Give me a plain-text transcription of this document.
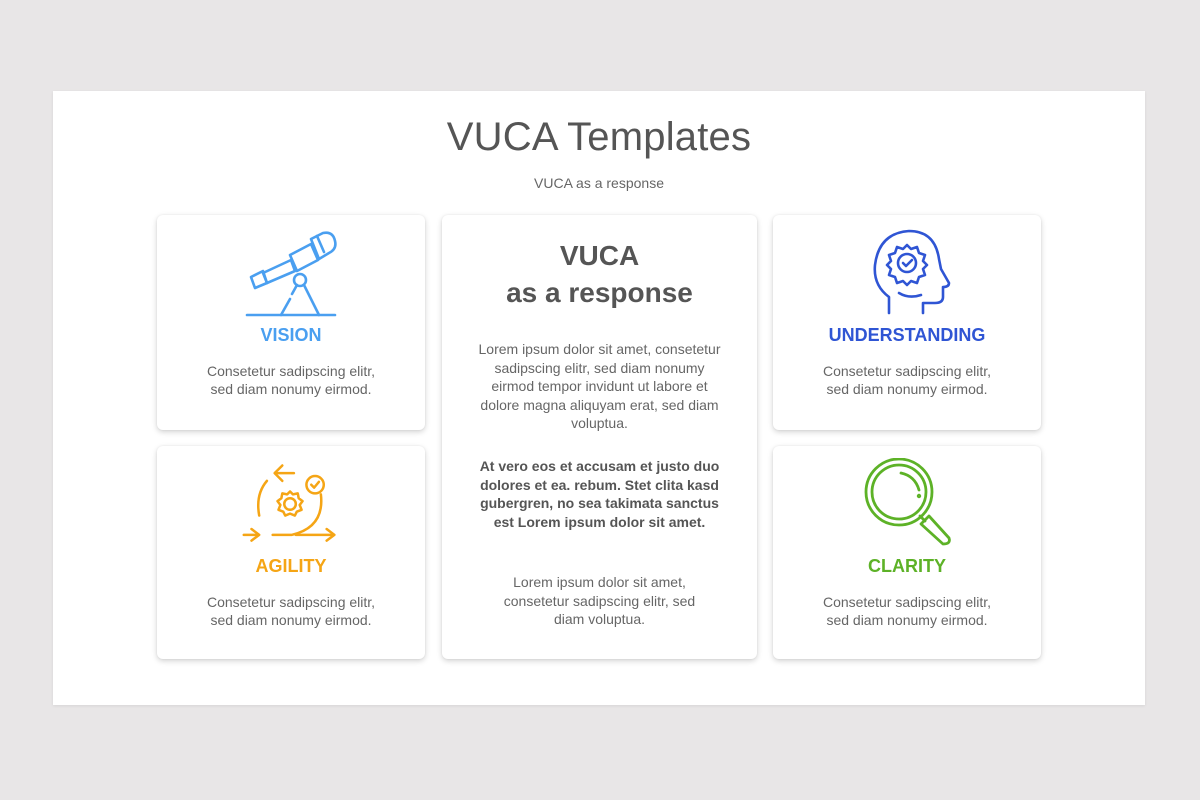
VUCA Templates
VUCA as a response
VISION
Consetetur sadipscing elitr, sed diam nonumy eirmod.
AGILITY
Consetetur sadipscing elitr, sed diam nonumy eirmod.
VUCA
as a response
Lorem ipsum dolor sit amet, consetetur sadipscing elitr, sed diam nonumy eirmod tempor invidunt ut labore et dolore magna aliquyam erat, sed diam voluptua.
At vero eos et accusam et justo duo dolores et ea. rebum. Stet clita kasd gubergren, no sea takimata sanctus est Lorem ipsum dolor sit amet.
Lorem ipsum dolor sit amet, consetetur sadipscing elitr, sed diam voluptua.
UNDERSTANDING
Consetetur sadipscing elitr, sed diam nonumy eirmod.
CLARITY
Consetetur sadipscing elitr, sed diam nonumy eirmod.
